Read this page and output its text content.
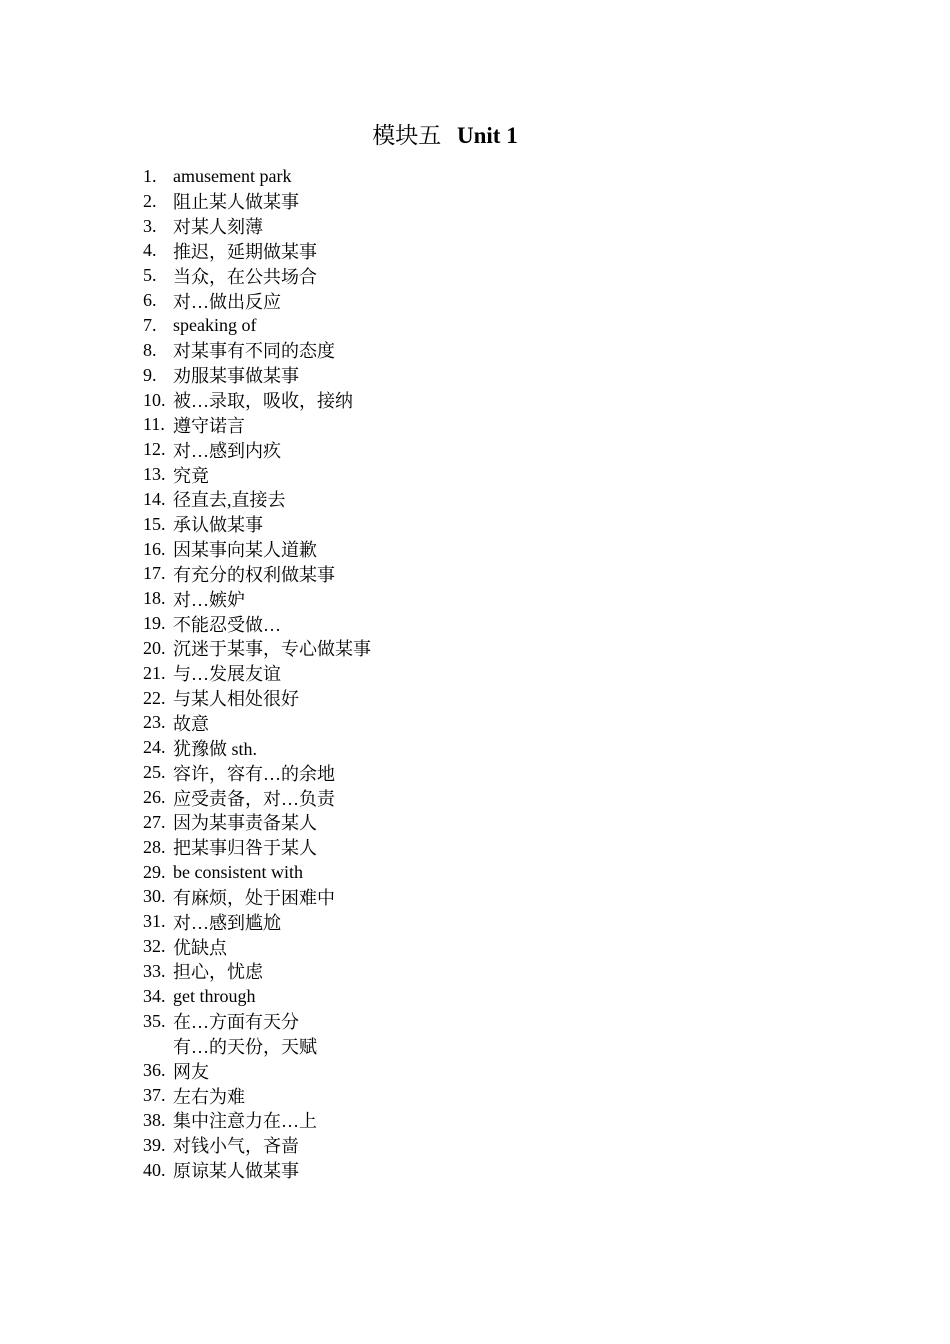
模块五 Unit 1
1. amusement park
2. 阻止某人做某事
3. 对某人刻薄
4. 推迟，延期做某事
5. 当众，在公共场合
6. 对…做出反应
7. speaking of
8. 对某事有不同的态度
9. 劝服某事做某事
10. 被…录取，吸收，接纳
11. 遵守诺言
12. 对…感到内疚
13. 究竟
14. 径直去,直接去
15. 承认做某事
16. 因某事向某人道歉
17. 有充分的权利做某事
18. 对…嫉妒
19. 不能忍受做…
20. 沉迷于某事，专心做某事
21. 与…发展友谊
22. 与某人相处很好
23. 故意
24. 犹豫做 sth.
25. 容许，容有…的余地
26. 应受责备，对…负责
27. 因为某事责备某人
28. 把某事归咎于某人
29. be consistent with
30. 有麻烦，处于困难中
31. 对…感到尴尬
32. 优缺点
33. 担心，忧虑
34. get through
35. 在…方面有天分
有…的天份，天赋
36. 网友
37. 左右为难
38. 集中注意力在…上
39. 对钱小气，吝啬
40. 原谅某人做某事
